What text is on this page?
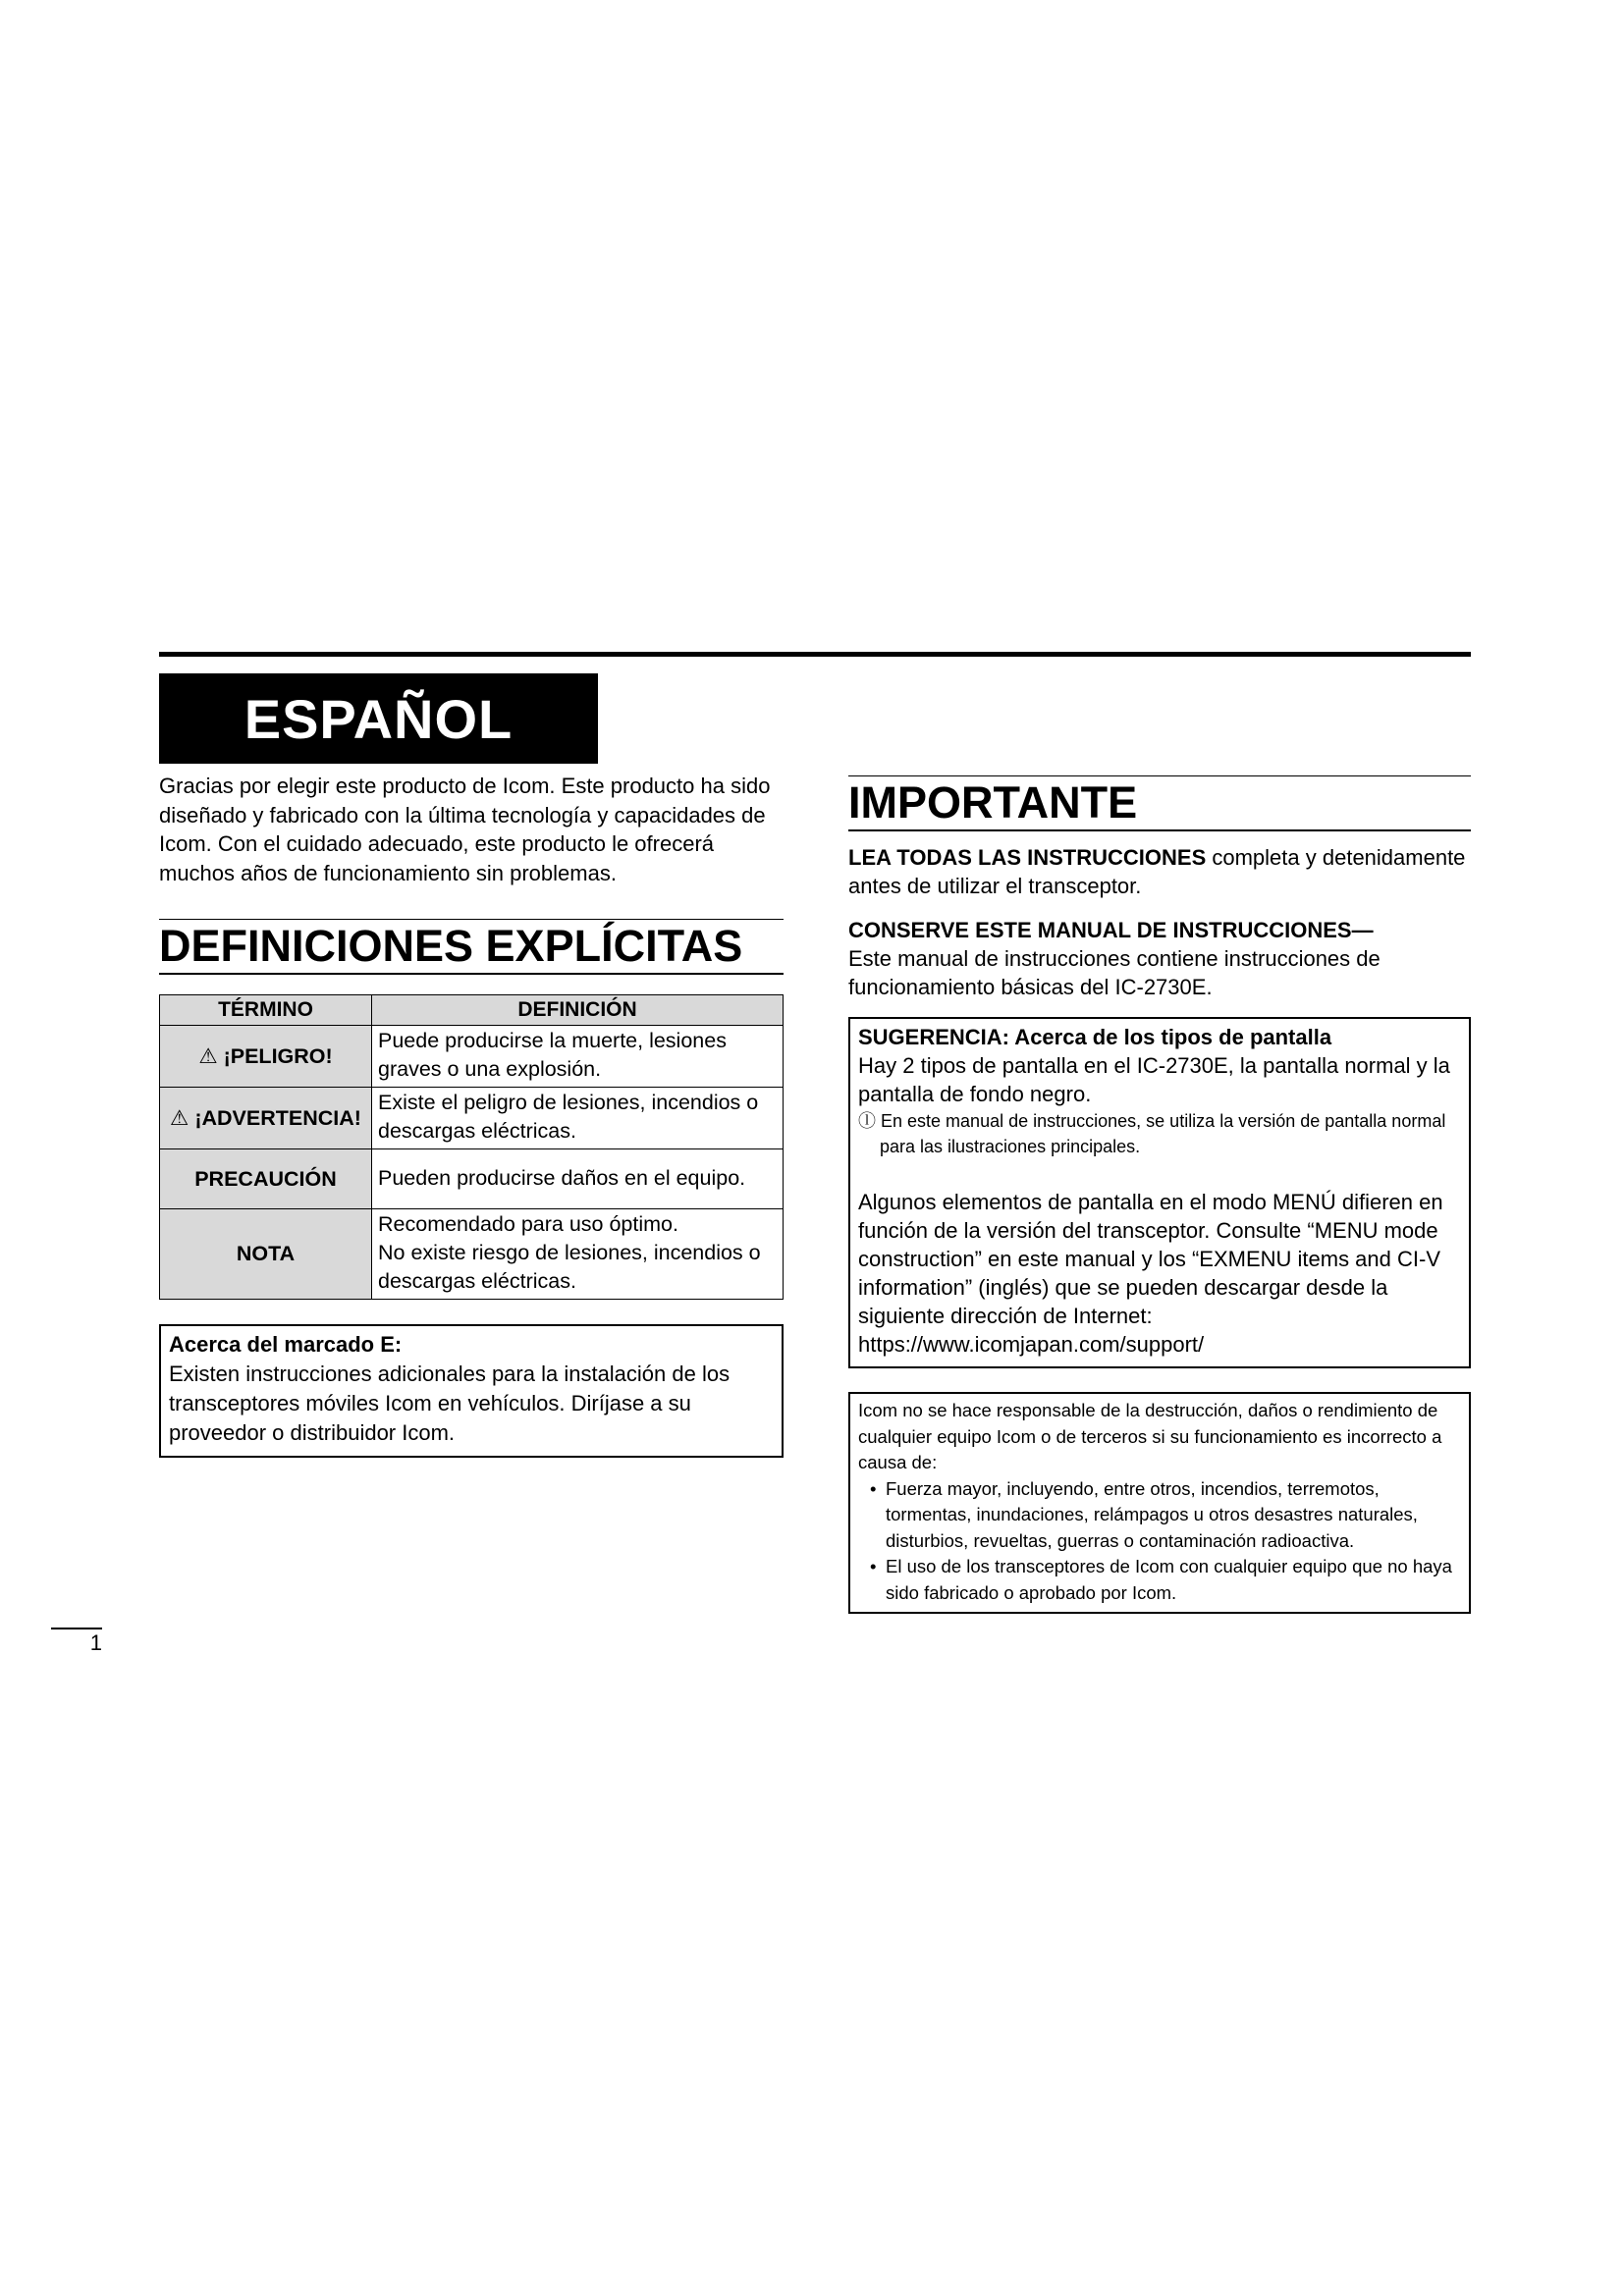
ESPAÑOL

Gracias por elegir este producto de Icom. Este producto ha sido diseñado y fabricado con la última tecnología y capacidades de Icom. Con el cuidado adecuado, este producto le ofrecerá muchos años de funcionamiento sin problemas.

DEFINICIONES EXPLÍCITAS
TÉRMINO	DEFINICIÓN
⚠ ¡PELIGRO!	Puede producirse la muerte, lesiones graves o una explosión.
⚠ ¡ADVERTENCIA!	Existe el peligro de lesiones, incendios o descargas eléctricas.
PRECAUCIÓN	Pueden producirse daños en el equipo.
NOTA	Recomendado para uso óptimo.
No existe riesgo de lesiones, incendios o descargas eléctricas.
Acerca del marcado E:
Existen instrucciones adicionales para la instalación de los transceptores móviles Icom en vehículos. Diríjase a su proveedor o distribuidor Icom.
IMPORTANTE

LEA TODAS LAS INSTRUCCIONES completa y detenidamente antes de utilizar el transceptor.

CONSERVE ESTE MANUAL DE INSTRUCCIONES—
Este manual de instrucciones contiene instrucciones de funcionamiento básicas del IC-2730E.

SUGERENCIA: Acerca de los tipos de pantalla
Hay 2 tipos de pantalla en el IC-2730E, la pantalla normal y la pantalla de fondo negro.

ⓛ En este manual de instrucciones, se utiliza la versión de pantalla normal para las ilustraciones principales.

Algunos elementos de pantalla en el modo MENÚ difieren en función de la versión del transceptor. Consulte “MENU mode construction” en este manual y los “EXMENU items and CI-V information” (inglés) que se pueden descargar desde la siguiente dirección de Internet:
https://www.icomjapan.com/support/
Icom no se hace responsable de la destrucción, daños o rendimiento de cualquier equipo Icom o de terceros si su funcionamiento es incorrecto a causa de:

• Fuerza mayor, incluyendo, entre otros, incendios, terremotos, tormentas, inundaciones, relámpagos u otros desastres naturales, disturbios, revueltas, guerras o contaminación radioactiva.

• El uso de los transceptores de Icom con cualquier equipo que no haya sido fabricado o aprobado por Icom.

1
